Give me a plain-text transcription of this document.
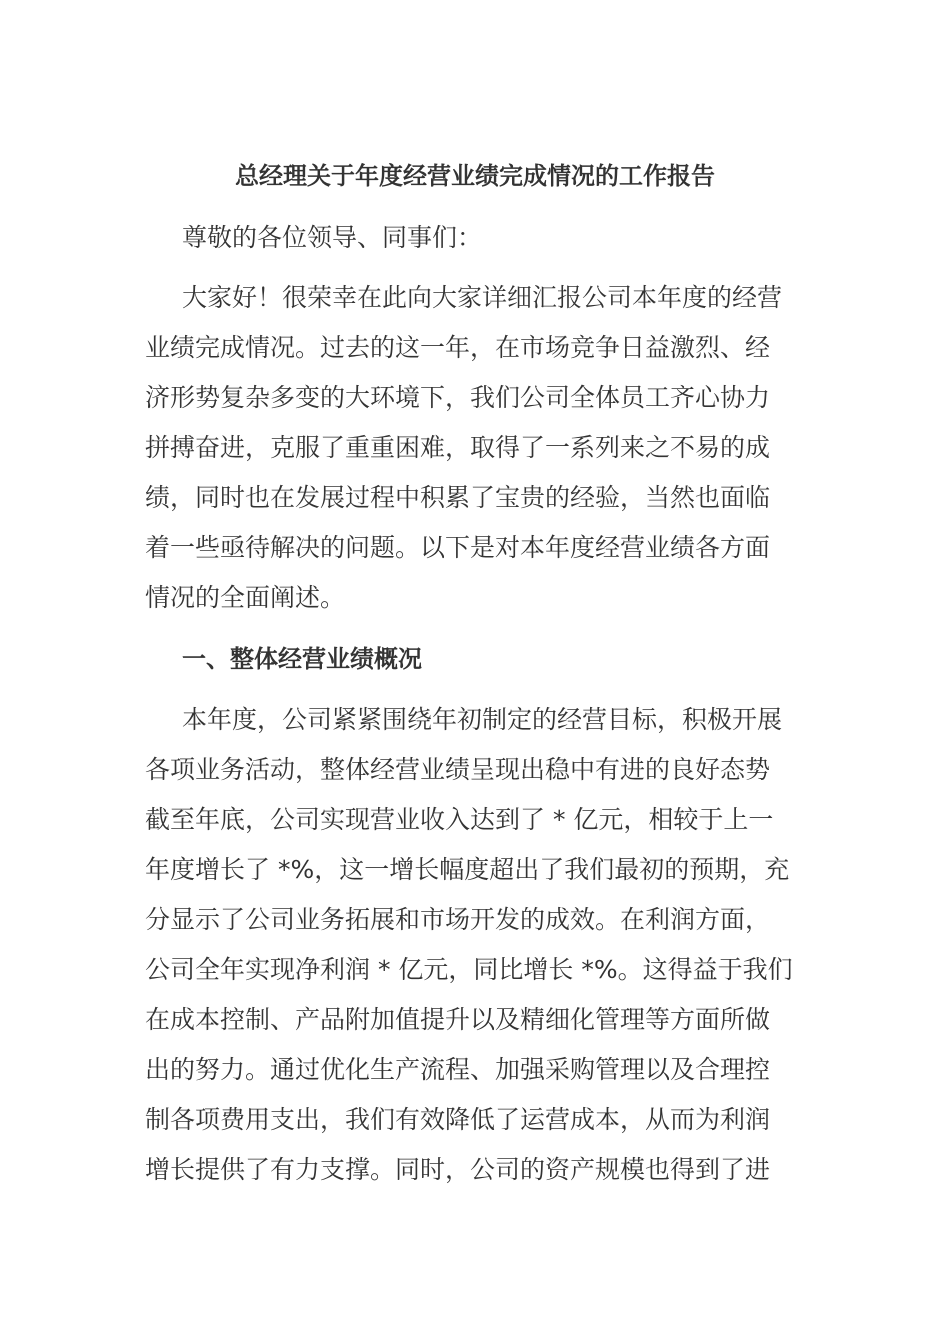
总经理关于年度经营业绩完成情况的工作报告
尊敬的各位领导、同事们：
大家好！很荣幸在此向大家详细汇报公司本年度的经营
业绩完成情况。过去的这一年，在市场竞争日益激烈、经
济形势复杂多变的大环境下，我们公司全体员工齐心协力
拼搏奋进，克服了重重困难，取得了一系列来之不易的成
绩，同时也在发展过程中积累了宝贵的经验，当然也面临
着一些亟待解决的问题。以下是对本年度经营业绩各方面
情况的全面阐述。
一、整体经营业绩概况
本年度，公司紧紧围绕年初制定的经营目标，积极开展
各项业务活动，整体经营业绩呈现出稳中有进的良好态势
截至年底，公司实现营业收入达到了 * 亿元，相较于上一
年度增长了 *%，这一增长幅度超出了我们最初的预期，充
分显示了公司业务拓展和市场开发的成效。在利润方面，
公司全年实现净利润 * 亿元，同比增长 *%。这得益于我们
在成本控制、产品附加值提升以及精细化管理等方面所做
出的努力。通过优化生产流程、加强采购管理以及合理控
制各项费用支出，我们有效降低了运营成本，从而为利润
增长提供了有力支撑。同时，公司的资产规模也得到了进
